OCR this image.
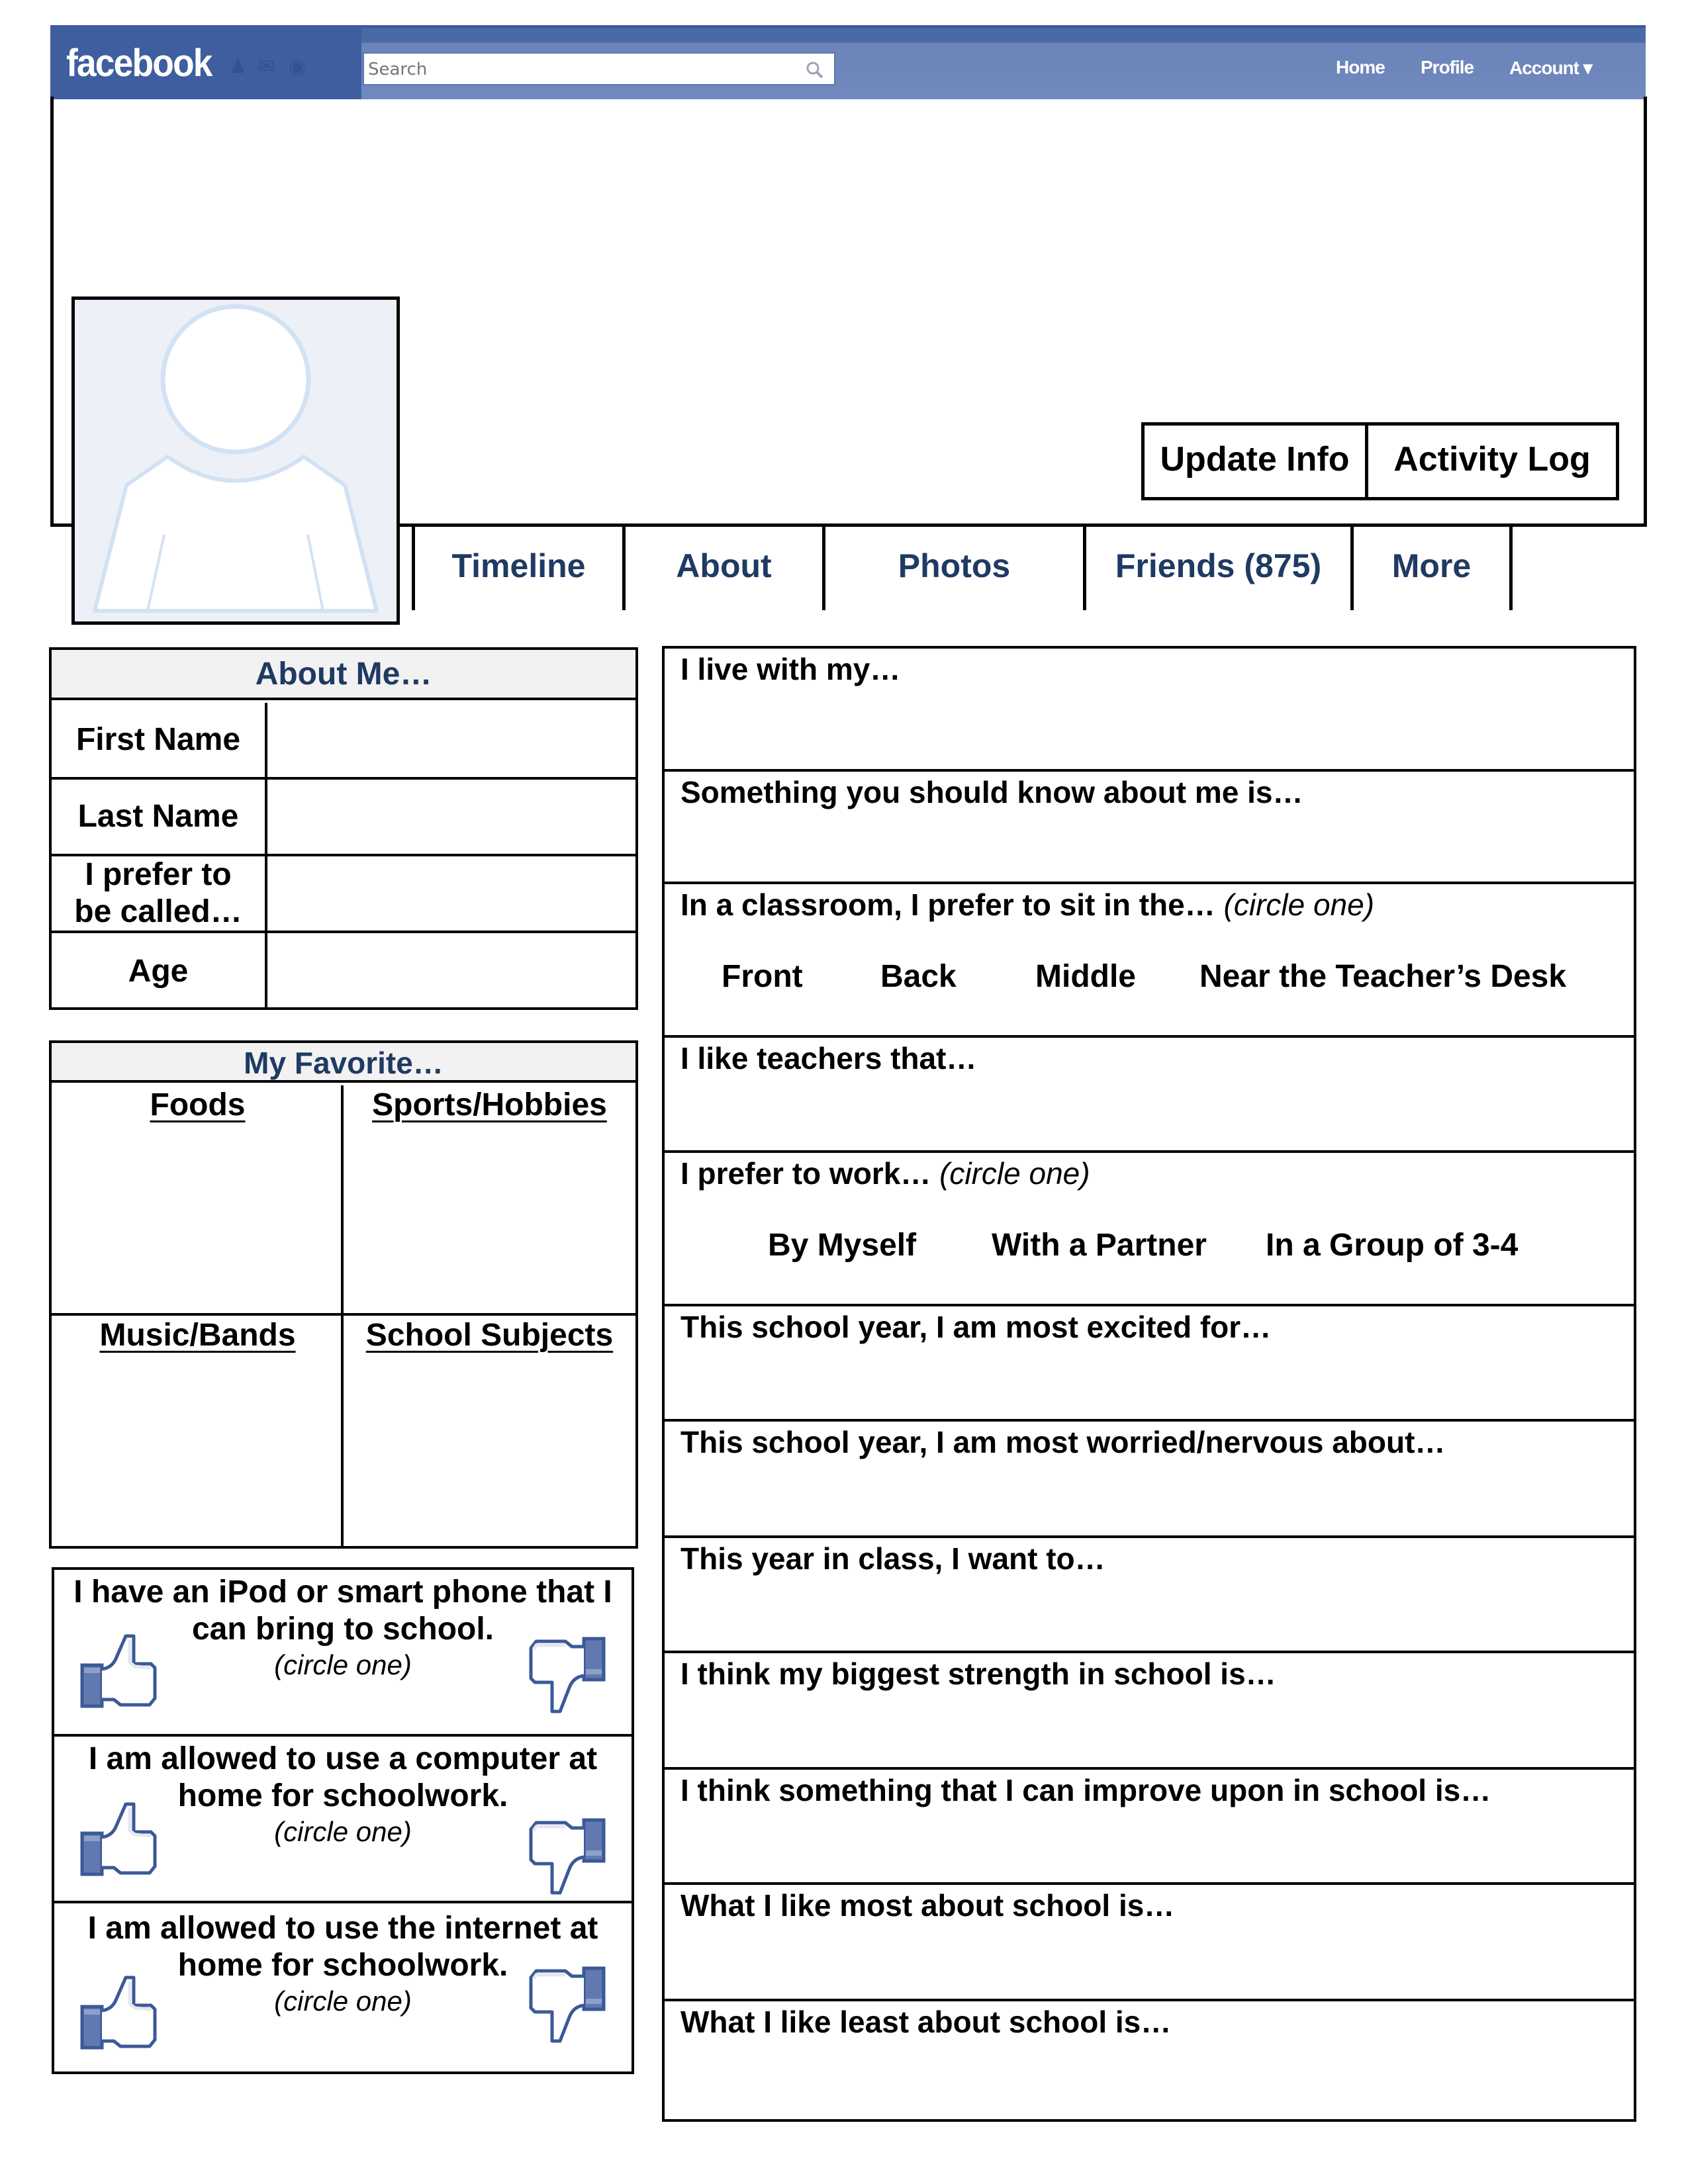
facebook ♟ ✉ ◉
Search	Home Profile Account ▾
Update Info	Activity Log
Timeline	About	Photos	Friends (875)	More
About Me…
First Name
Last Name
I prefer to be called…
Age
My Favorite…
Foods	Sports/Hobbies
Music/Bands	School Subjects
I have an iPod or smart phone that I can bring to school.
(circle one)
I am allowed to use a computer at home for schoolwork.
(circle one)
I am allowed to use the internet at home for schoolwork.
(circle one)
I live with my…
Something you should know about me is…
In a classroom, I prefer to sit in the… (circle one)
Front Back Middle Near the Teacher’s Desk
I like teachers that…
I prefer to work… (circle one)
By Myself With a Partner In a Group of 3-4
This school year, I am most excited for…
This school year, I am most worried/nervous about…
This year in class, I want to…
I think my biggest strength in school is…
I think something that I can improve upon in school is…
What I like most about school is…
What I like least about school is…
